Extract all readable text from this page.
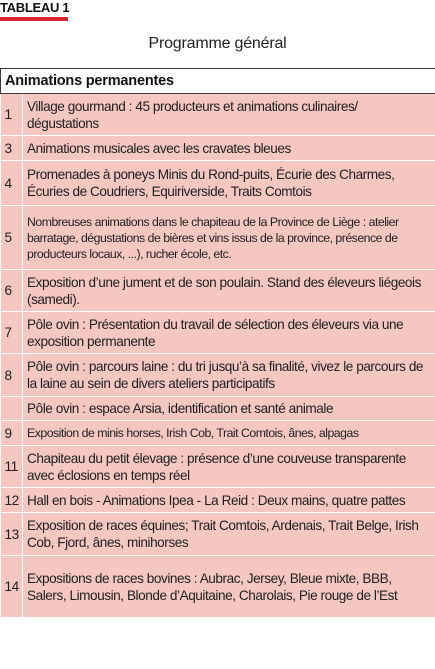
TABLEAU 1
Programme général
Animations permanentes	
1	Village gourmand : 45 producteurs et animations culinaires/ dégustations
3	Animations musicales avec les cravates bleues
4	Promenades à poneys Minis du Rond-puits, Écurie des Charmes, Écuries de Coudriers, Equiriverside, Traits Comtois
5	Nombreuses animations dans le chapiteau de la Province de Liège : atelier barratage, dégustations de bières et vins issus de la province, présence de producteurs locaux, ...), rucher école, etc.
6	Exposition d’une jument et de son poulain. Stand des éleveurs liégeois (samedi).
7	Pôle ovin : Présentation du travail de sélection des éleveurs via une exposition permanente
8	Pôle ovin : parcours laine : du tri jusqu’à sa finalité, vivez le parcours de la laine au sein de divers ateliers participatifs
	Pôle ovin : espace Arsia, identification et santé animale
9	Exposition de minis horses, Irish Cob, Trait Comtois, ânes, alpagas
11	Chapiteau du petit élevage : présence d’une couveuse transparente avec éclosions en temps réel
12	Hall en bois - Animations Ipea - La Reid : Deux mains, quatre pattes
13	Exposition de races équines; Trait Comtois, Ardenais, Trait Belge, Irish Cob, Fjord, ânes, minihorses
14	Expositions de races bovines : Aubrac, Jersey, Bleue mixte, BBB, Salers, Limousin, Blonde d’Aquitaine, Charolais, Pie rouge de l’Est
